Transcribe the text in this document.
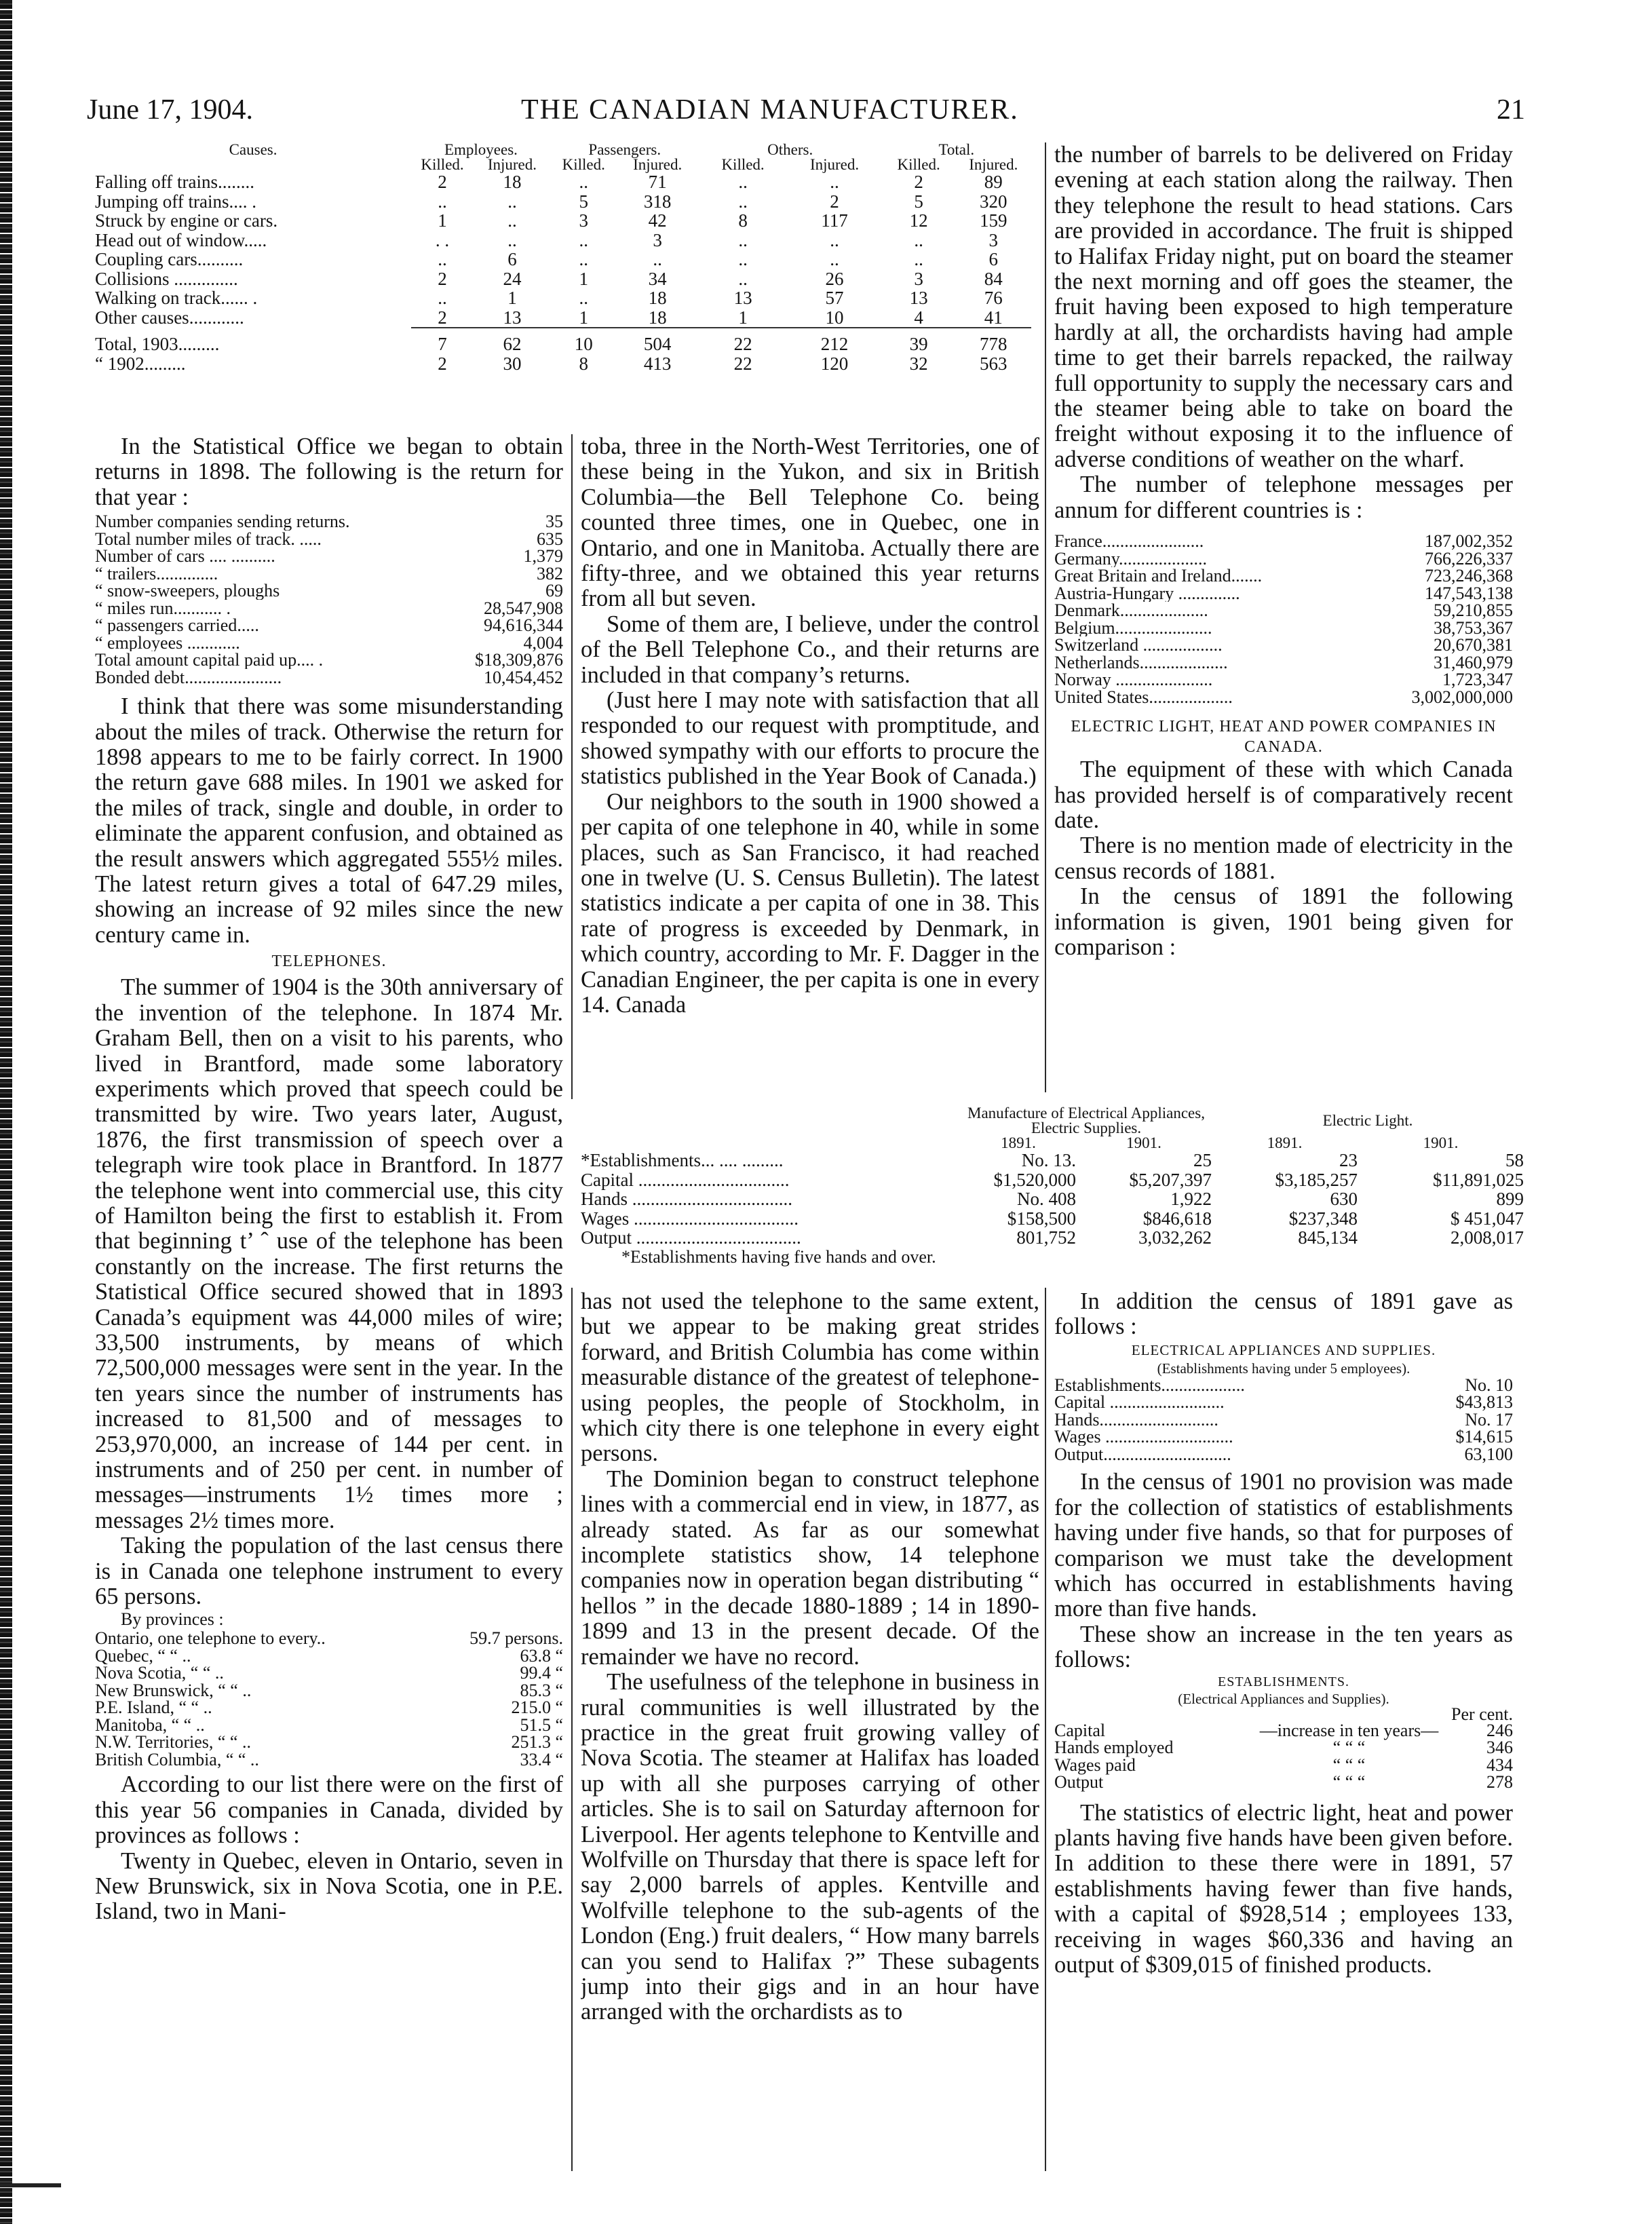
June 17, 1904.	THE CANADIAN MANUFACTURER.	21
Causes.	Employees.		Passengers.		Others.		Total.	
	Killed.	Injured.	Killed.	Injured.	Killed.	Injured.	Killed.	Injured.
Falling off trains........	2	18	..	71	..	..	2	89
Jumping off trains.... .	..	..	5	318	..	2	5	320
Struck by engine or cars.	1	..	3	42	8	117	12	159
Head out of window.....	. .	..	..	3	..	..	..	3
Coupling cars..........	..	6	..	..	..	..	..	6
Collisions ..............	2	24	1	34	..	26	3	84
Walking on track...... .	..	1	..	18	13	57	13	76
Other causes............	2	13	1	18	1	10	4	41

Total, 1903.........	7	62	10	504	22	212	39	778
“ 1902.........	2	30	8	413	22	120	32	563

In the Statistical Office we began to obtain returns in 1898. The following is the return for that year :

Number companies sending returns.	35
Total number miles of track. .....	635
Number of cars .... ..........	1,379
“ trailers..............	382
“ snow-sweepers, ploughs	69
“ miles run........... .	28,547,908
“ passengers carried.....	94,616,344
“ employees ............	4,004
Total amount capital paid up.... .	$18,309,876
Bonded debt......................	10,454,452

I think that there was some misunderstanding about the miles of track. Otherwise the return for 1898 appears to me to be fairly correct. In 1900 the return gave 688 miles. In 1901 we asked for the miles of track, single and double, in order to eliminate the apparent confusion, and obtained as the result answers which aggregated 555½ miles. The latest return gives a total of 647.29 miles, showing an increase of 92 miles since the new century came in.

TELEPHONES.

The summer of 1904 is the 30th anniversary of the invention of the telephone. In 1874 Mr. Graham Bell, then on a visit to his parents, who lived in Brantford, made some laboratory experiments which proved that speech could be transmitted by wire. Two years later, August, 1876, the first transmission of speech over a telegraph wire took place in Brantford. In 1877 the telephone went into commercial use, this city of Hamilton being the first to establish it. From that beginning t’ ˆ use of the telephone has been constantly on the increase. The first returns the Statistical Office secured showed that in 1893 Canada’s equipment was 44,000 miles of wire; 33,500 instruments, by means of which 72,500,000 messages were sent in the year. In the ten years since the number of instruments has increased to 81,500 and of messages to 253,970,000, an increase of 144 per cent. in instruments and of 250 per cent. in number of messages—instruments 1½ times more ; messages 2½ times more.

Taking the population of the last census there is in Canada one telephone instrument to every 65 persons.

By provinces :

Ontario, one telephone to every..	59.7 persons.
Quebec, “ “ ..	63.8 “
Nova Scotia, “ “ ..	99.4 “
New Brunswick, “ “ ..	85.3 “
P.E. Island, “ “ ..	215.0 “
Manitoba, “ “ ..	51.5 “
N.W. Territories, “ “ ..	251.3 “
British Columbia, “ “ ..	33.4 “

According to our list there were on the first of this year 56 companies in Canada, divided by provinces as follows :

Twenty in Quebec, eleven in Ontario, seven in New Brunswick, six in Nova Scotia, one in P.E. Island, two in Mani-

toba, three in the North-West Territories, one of these being in the Yukon, and six in British Columbia—the Bell Telephone Co. being counted three times, one in Quebec, one in Ontario, and one in Manitoba. Actually there are fifty-three, and we obtained this year returns from all but seven.

Some of them are, I believe, under the control of the Bell Telephone Co., and their returns are included in that company’s returns.

(Just here I may note with satisfaction that all responded to our request with promptitude, and showed sympathy with our efforts to procure the statistics published in the Year Book of Canada.)

Our neighbors to the south in 1900 showed a per capita of one telephone in 40, while in some places, such as San Francisco, it had reached one in twelve (U. S. Census Bulletin). The latest statistics indicate a per capita of one in 38. This rate of progress is exceeded by Denmark, in which country, according to Mr. F. Dagger in the Canadian Engineer, the per capita is one in every 14. Canada

the number of barrels to be delivered on Friday evening at each station along the railway. Then they telephone the result to head stations. Cars are provided in accordance. The fruit is shipped to Halifax Friday night, put on board the steamer the next morning and off goes the steamer, the fruit having been exposed to high temperature hardly at all, the orchardists having had ample time to get their barrels repacked, the railway full opportunity to supply the necessary cars and the steamer being able to take on board the freight without exposing it to the influence of adverse conditions of weather on the wharf.

The number of telephone messages per annum for different countries is :

France.......................	187,002,352
Germany....................	766,226,337
Great Britain and Ireland.......	723,246,368
Austria-Hungary ..............	147,543,138
Denmark....................	59,210,855
Belgium......................	38,753,367
Switzerland ..................	20,670,381
Netherlands....................	31,460,979
Norway ......................	1,723,347
United States...................	3,002,000,000

ELECTRIC LIGHT, HEAT AND POWER COMPANIES IN CANADA.

The equipment of these with which Canada has provided herself is of comparatively recent date.

There is no mention made of electricity in the census records of 1881.

In the census of 1891 the following information is given, 1901 being given for comparison :

	Manufacture of Electrical Appliances, Electric Supplies.		Electric Light.	
	1891.	1901.	1891.	1901.
*Establishments... .... .........	No. 13.	25	23	58
Capital .................................	$1,520,000	$5,207,397	$3,185,257	$11,891,025
Hands ...................................	No. 408	1,922	630	899
Wages ....................................	$158,500	$846,618	$237,348	$ 451,047
Output ....................................	801,752	3,032,262	845,134	2,008,017
*Establishments having five hands and over.				

has not used the telephone to the same extent, but we appear to be making great strides forward, and British Columbia has come within measurable distance of the greatest of telephone-using peoples, the people of Stockholm, in which city there is one telephone in every eight persons.

The Dominion began to construct telephone lines with a commercial end in view, in 1877, as already stated. As far as our somewhat incomplete statistics show, 14 telephone companies now in operation began distributing “ hellos ” in the decade 1880-1889 ; 14 in 1890-1899 and 13 in the present decade. Of the remainder we have no record.

The usefulness of the telephone in business in rural communities is well illustrated by the practice in the great fruit growing valley of Nova Scotia. The steamer at Halifax has loaded up with all she purposes carrying of other articles. She is to sail on Saturday afternoon for Liverpool. Her agents telephone to Kentville and Wolfville on Thursday that there is space left for say 2,000 barrels of apples. Kentville and Wolfville telephone to the sub-agents of the London (Eng.) fruit dealers, “ How many barrels can you send to Halifax ?” These subagents jump into their gigs and in an hour have arranged with the orchardists as to

In addition the census of 1891 gave as follows :

ELECTRICAL APPLIANCES AND SUPPLIES.

(Establishments having under 5 employees).

Establishments...................	No. 10
Capital ..........................	$43,813
Hands...........................	No. 17
Wages .............................	$14,615
Output.............................	63,100

In the census of 1901 no provision was made for the collection of statistics of establishments having under five hands, so that for purposes of comparison we must take the development which has occurred in establishments having more than five hands.

These show an increase in the ten years as follows:

ESTABLISHMENTS.

(Electrical Appliances and Supplies).

Per cent.

Capital	—increase in ten years—	246
Hands employed	“ “ “	346
Wages paid	“ “ “	434
Output	“ “ “	278

The statistics of electric light, heat and power plants having five hands have been given before. In addition to these there were in 1891, 57 establishments having fewer than five hands, with a capital of $928,514 ; employees 133, receiving in wages $60,336 and having an output of $309,015 of finished products.
